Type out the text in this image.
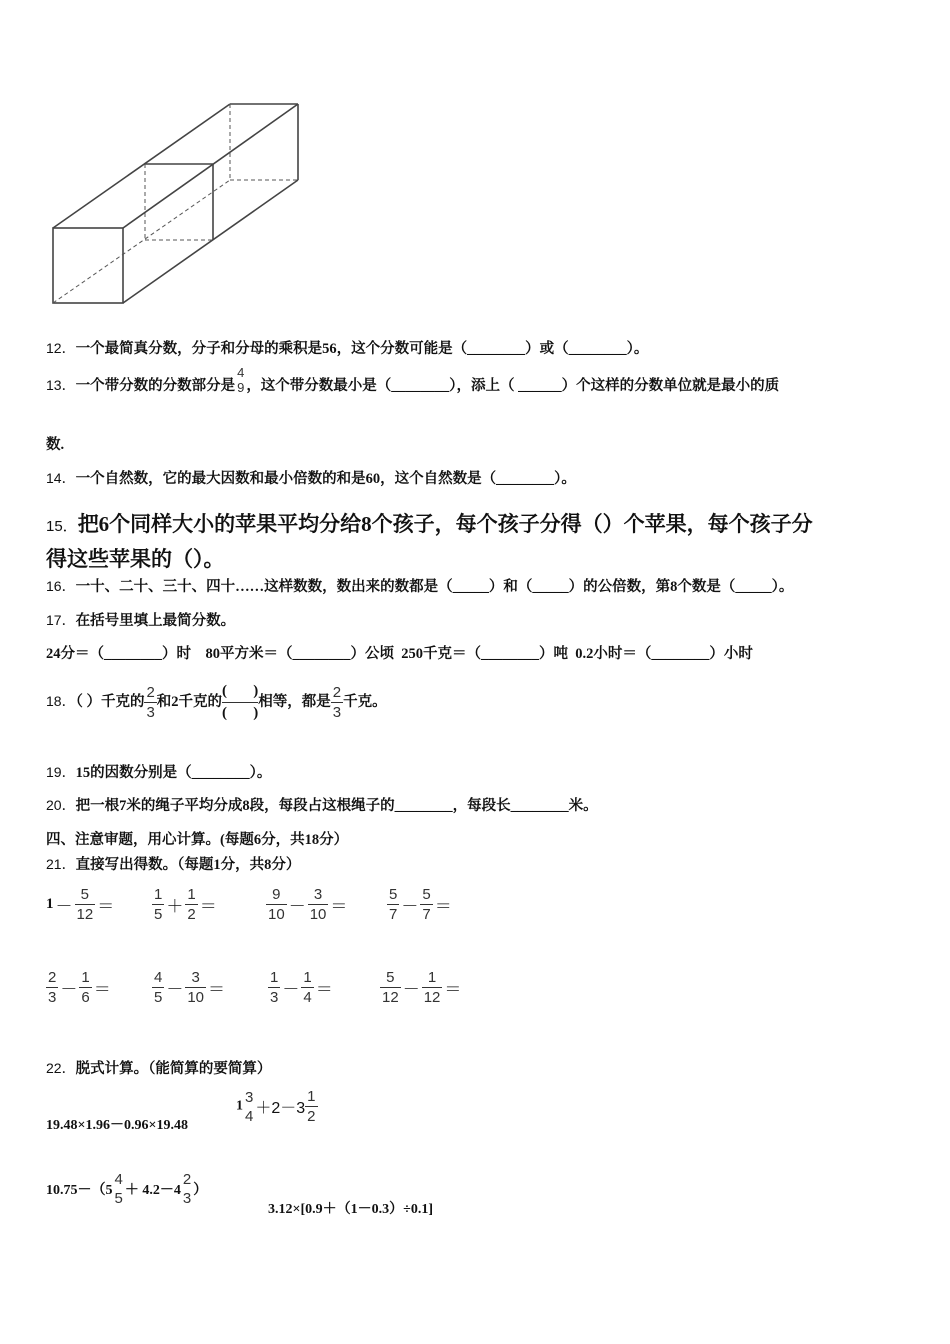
12．一个最简真分数，分子和分母的乘积是56，这个分数可能是（________）或（________）。
13．一个带分数的分数部分是
4
9 ，这个带分数最小是（________），添上（ ______）个这样的分数单位就是最小的质
数.
14．一个自然数，它的最大因数和最小倍数的和是60，这个自然数是（________）。
15．把6个同样大小的苹果平均分给8个孩子，每个孩子分得（）个苹果，每个孩子分
得这些苹果的（）。
16．一十、二十、三十、四十……这样数数，数出来的数都是（_____）和（_____）的公倍数，第8个数是（_____）。
17．在括号里填上最简分数。
24分＝（________）时    80平方米＝（________）公顷  250千克＝（________）吨  0.2小时＝（________）小时
18．（ ）千克的 $\frac{2}{3}$ 和2千克的
(       )
(       )
相等，都是 $\frac{2}{3}$ 千克。
19．15的因数分别是（________）。
20．把一根7米的绳子平均分成8段，每段占这根绳子的________，每段长________米。
四、注意审题，用心计算。(每题6分，共18分）
21．直接写出得数。（每题1分，共8分）
$1 - \frac{5}{12}$ ＝	$\frac{1}{5} + \frac{1}{2}$ ＝	$\frac{9}{10} - \frac{3}{10}$ ＝	$\frac{5}{7} - \frac{5}{7}$ ＝
$\frac{2}{3} - \frac{1}{6}$ ＝	$\frac{4}{5} - \frac{3}{10}$ ＝	$\frac{1}{3} - \frac{1}{4}$ ＝	$\frac{5}{12} - \frac{1}{12}$ ＝
22．脱式计算。（能简算的要简算）
19.48×1.96－0.96×19.48
1
3
$4 +2-3 \frac{1}{2}$
10.75－（5
4
5 ＋ 4.2－4
2
3 ）
3.12×[0.9＋（1－0.3）÷0.1]
